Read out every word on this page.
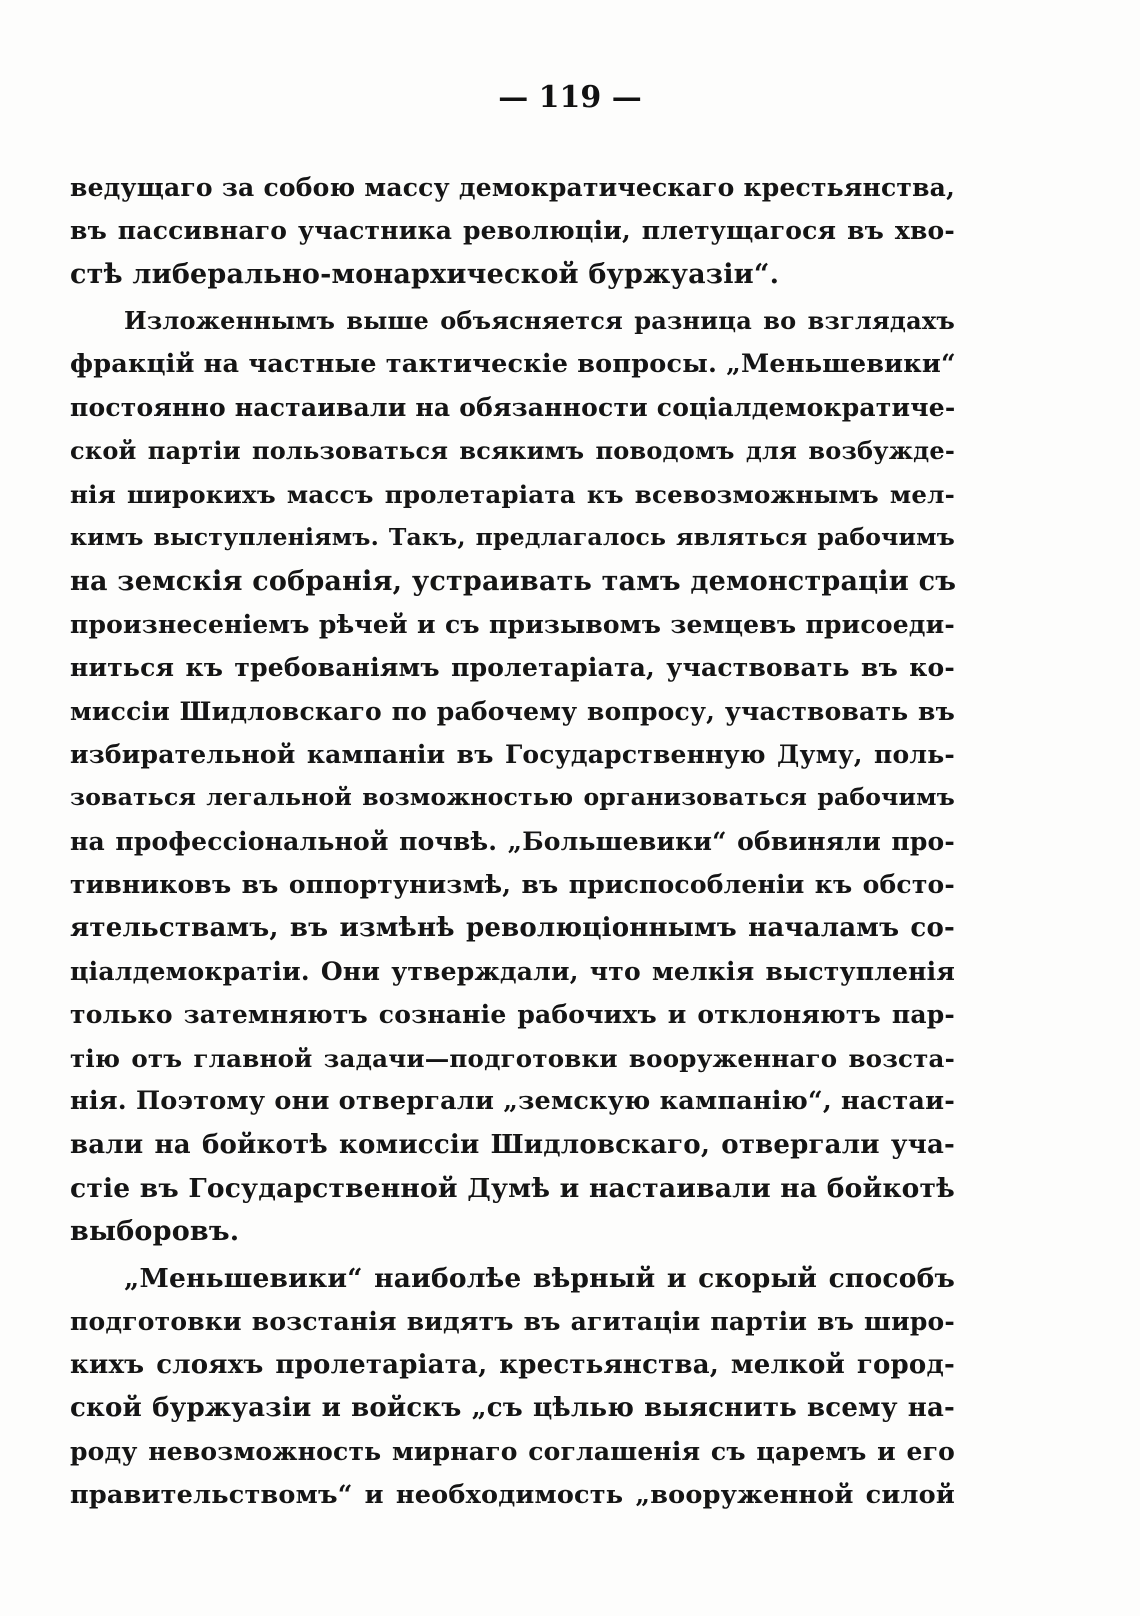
— 119 —
ведущаго за собою массу демократическаго крестьянства,
въ пассивнаго участника революціи, плетущагося въ хво-
стѣ либерально-монархической буржуазіи“.
Изложеннымъ выше объясняется разница во взглядахъ
фракцій на частные тактическіе вопросы. „Меньшевики“
постоянно настаивали на обязанности соціалдемократиче-
ской партіи пользоваться всякимъ поводомъ для возбужде-
нія широкихъ массъ пролетаріата къ всевозможнымъ мел-
кимъ выступленіямъ. Такъ, предлагалось являться рабочимъ
на земскія собранія, устраивать тамъ демонстраціи съ
произнесеніемъ рѣчей и съ призывомъ земцевъ присоеди-
ниться къ требованіямъ пролетаріата, участвовать въ ко-
миссіи Шидловскаго по рабочему вопросу, участвовать въ
избирательной кампаніи въ Государственную Думу, поль-
зоваться легальной возможностью организоваться рабочимъ
на профессіональной почвѣ. „Большевики“ обвиняли про-
тивниковъ въ оппортунизмѣ, въ приспособленіи къ обсто-
ятельствамъ, въ измѣнѣ революціоннымъ началамъ со-
ціалдемократіи. Они утверждали, что мелкія выступленія
только затемняютъ сознаніе рабочихъ и отклоняютъ пар-
тію отъ главной задачи—подготовки вооруженнаго возста-
нія. Поэтому они отвергали „земскую кампанію“, настаи-
вали на бойкотѣ комиссіи Шидловскаго, отвергали уча-
стіе въ Государственной Думѣ и настаивали на бойкотѣ
выборовъ.
„Меньшевики“ наиболѣе вѣрный и скорый способъ
подготовки возстанія видятъ въ агитаціи партіи въ широ-
кихъ слояхъ пролетаріата, крестьянства, мелкой город-
ской буржуазіи и войскъ „съ цѣлью выяснить всему на-
роду невозможность мирнаго соглашенія съ царемъ и его
правительствомъ“ и необходимость „вооруженной силой
